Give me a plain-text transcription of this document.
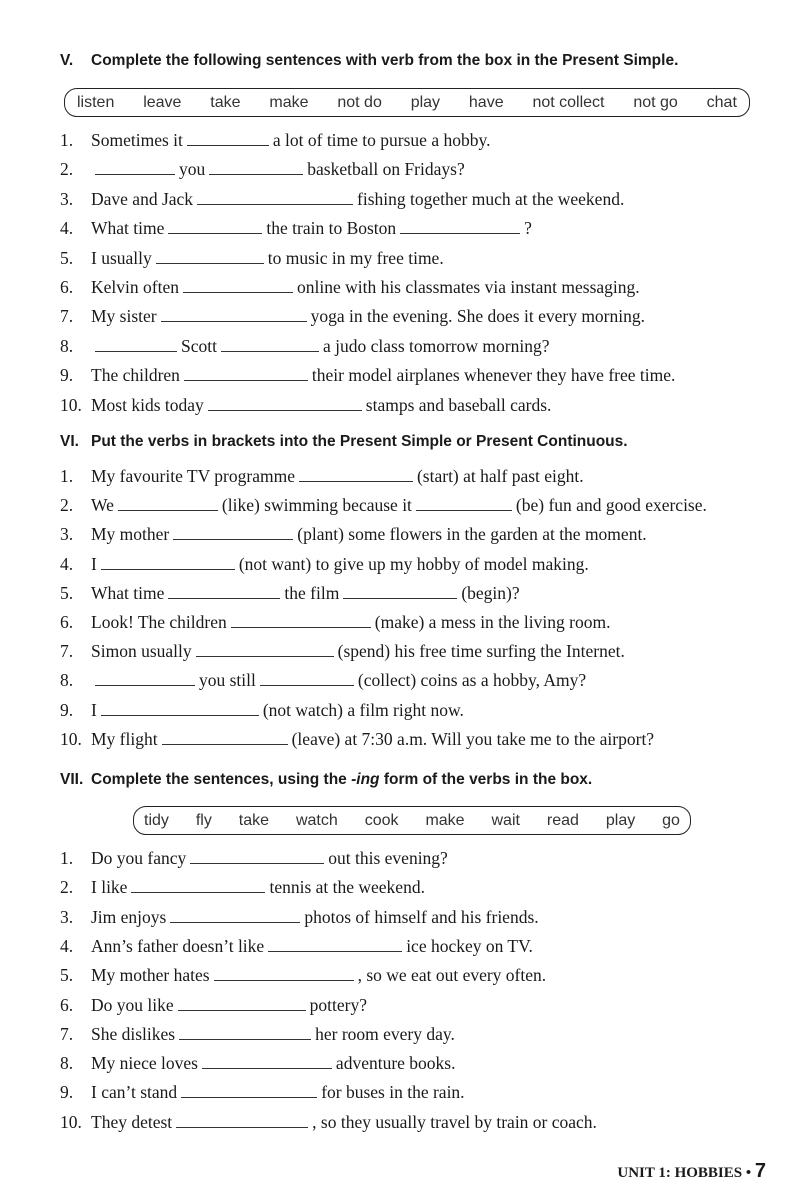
V. Complete the following sentences with verb from the box in the Present Simple.
listen leave take make not do play have not collect not go chat
1. Sometimes it	a lot of time to pursue a hobby.
2.	you	basketball on Fridays?
3. Dave and Jack	fishing together much at the weekend.
4. What time	the train to Boston	?
5. I usually	to music in my free time.
6. Kelvin often	online with his classmates via instant messaging.
7. My sister	yoga in the evening. She does it every morning.
8.	Scott	a judo class tomorrow morning?
9. The children	their model airplanes whenever they have free time.
10. Most kids today	stamps and baseball cards.
VI. Put the verbs in brackets into the Present Simple or Present Continuous.
1. My favourite TV programme	(start) at half past eight.
2. We	(like) swimming because it	(be) fun and good exercise.
3. My mother	(plant) some flowers in the garden at the moment.
4. I	(not want) to give up my hobby of model making.
5. What time	the film	(begin)?
6. Look! The children	(make) a mess in the living room.
7. Simon usually	(spend) his free time surfing the Internet.
8.	you still	(collect) coins as a hobby, Amy?
9. I	(not watch) a film right now.
10. My flight	(leave) at 7:30 a.m. Will you take me to the airport?
VII. Complete the sentences, using the -ing form of the verbs in the box.
tidy fly take watch cook make wait read play go
1. Do you fancy	out this evening?
2. I like	tennis at the weekend.
3. Jim enjoys	photos of himself and his friends.
4. Ann’s father doesn’t like	ice hockey on TV.
5. My mother hates	, so we eat out every often.
6. Do you like	pottery?
7. She dislikes	her room every day.
8. My niece loves	adventure books.
9. I can’t stand	for buses in the rain.
10. They detest	, so they usually travel by train or coach.
UNIT 1: HOBBIES • 7
